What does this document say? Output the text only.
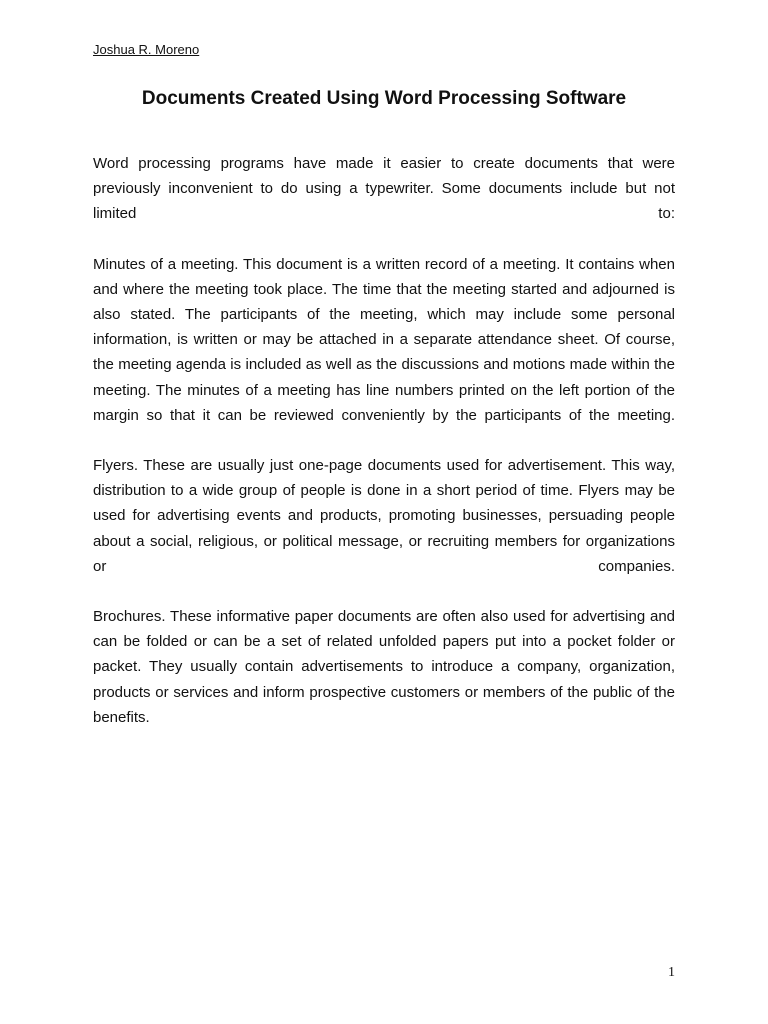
Joshua R. Moreno
Documents Created Using Word Processing Software

Word processing programs have made it easier to create documents that were previously inconvenient to do using a typewriter. Some documents include but not limited to:

Minutes of a meeting. This document is a written record of a meeting. It contains when and where the meeting took place. The time that the meeting started and adjourned is also stated. The participants of the meeting, which may include some personal information, is written or may be attached in a separate attendance sheet. Of course, the meeting agenda is included as well as the discussions and motions made within the meeting. The minutes of a meeting has line numbers printed on the left portion of the margin so that it can be reviewed conveniently by the participants of the meeting.

Flyers. These are usually just one-page documents used for advertisement. This way, distribution to a wide group of people is done in a short period of time. Flyers may be used for advertising events and products, promoting businesses, persuading people about a social, religious, or political message, or recruiting members for organizations or companies.

Brochures. These informative paper documents are often also used for advertising and can be folded or can be a set of related unfolded papers put into a pocket folder or packet. They usually contain advertisements to introduce a company, organization, products or services and inform prospective customers or members of the public of the benefits.

1
